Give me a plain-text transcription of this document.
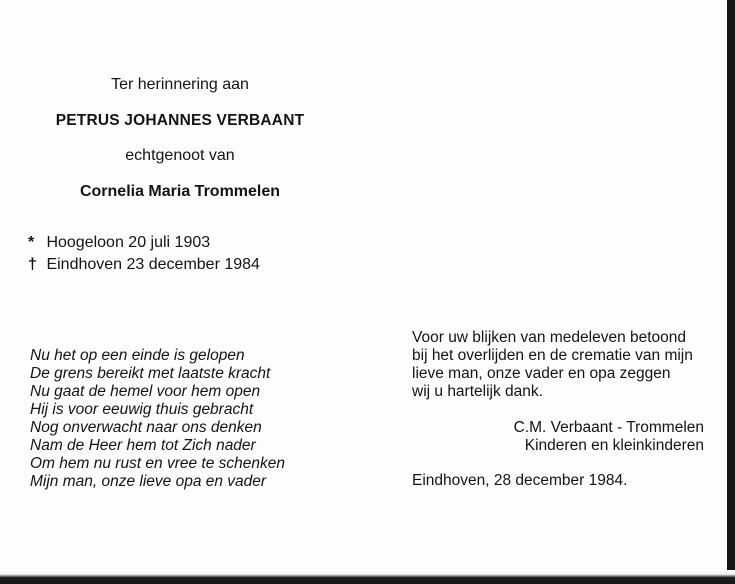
Ter herinnering aan
PETRUS JOHANNES VERBAANT
echtgenoot van
Cornelia Maria Trommelen
* Hoogeloon 20 juli 1903
† Eindhoven 23 december 1984
Nu het op een einde is gelopen
De grens bereikt met laatste kracht
Nu gaat de hemel voor hem open
Hij is voor eeuwig thuis gebracht
Nog onverwacht naar ons denken
Nam de Heer hem tot Zich nader
Om hem nu rust en vree te schenken
Mijn man, onze lieve opa en vader
Voor uw blijken van medeleven betoond
bij het overlijden en de crematie van mijn
lieve man, onze vader en opa zeggen
wij u hartelijk dank.
C.M. Verbaant - Trommelen
Kinderen en kleinkinderen
Eindhoven, 28 december 1984.
